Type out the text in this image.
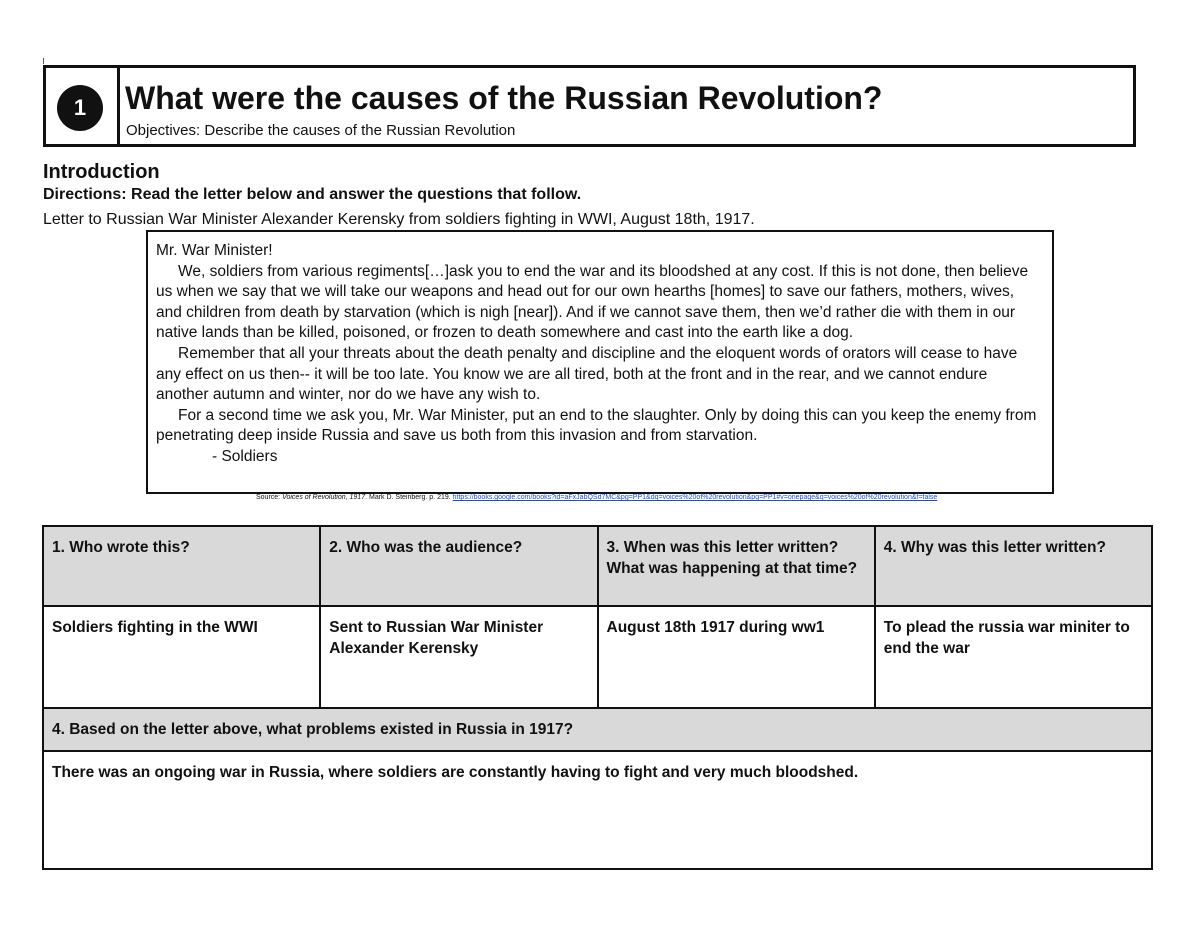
1	What were the causes of the Russian Revolution?
Objectives: Describe the causes of the Russian Revolution
Introduction
Directions: Read the letter below and answer the questions that follow.
Letter to Russian War Minister Alexander Kerensky from soldiers fighting in WWI, August 18th, 1917.

Mr. War Minister!

We, soldiers from various regiments[…]ask you to end the war and its bloodshed at any cost. If this is not done, then believe us when we say that we will take our weapons and head out for our own hearths [homes] to save our fathers, mothers, wives, and children from death by starvation (which is nigh [near]). And if we cannot save them, then we’d rather die with them in our native lands than be killed, poisoned, or frozen to death somewhere and cast into the earth like a dog.

Remember that all your threats about the death penalty and discipline and the eloquent words of orators will cease to have any effect on us then-- it will be too late. You know we are all tired, both at the front and in the rear, and we cannot endure another autumn and winter, nor do we have any wish to.

For a second time we ask you, Mr. War Minister, put an end to the slaughter. Only by doing this can you keep the enemy from penetrating deep inside Russia and save us both from this invasion and from starvation.

- Soldiers

Source: Voices of Revolution, 1917. Mark D. Steinberg. p. 219. https://books.google.com/books?id=aFxJabQSd7MC&pg=PP1&dq=voices%20of%20revolution&pg=PP1#v=onepage&q=voices%20of%20revolution&f=false
1. Who wrote this?	2. Who was the audience?	3. When was this letter written? What was happening at that time?	4. Why was this letter written?
Soldiers fighting in the WWI	Sent to Russian War Minister Alexander Kerensky	August 18th 1917 during ww1	To plead the russia war miniter to end the war
4. Based on the letter above, what problems existed in Russia in 1917?			
There was an ongoing war in Russia, where soldiers are constantly having to fight and very much bloodshed.			
